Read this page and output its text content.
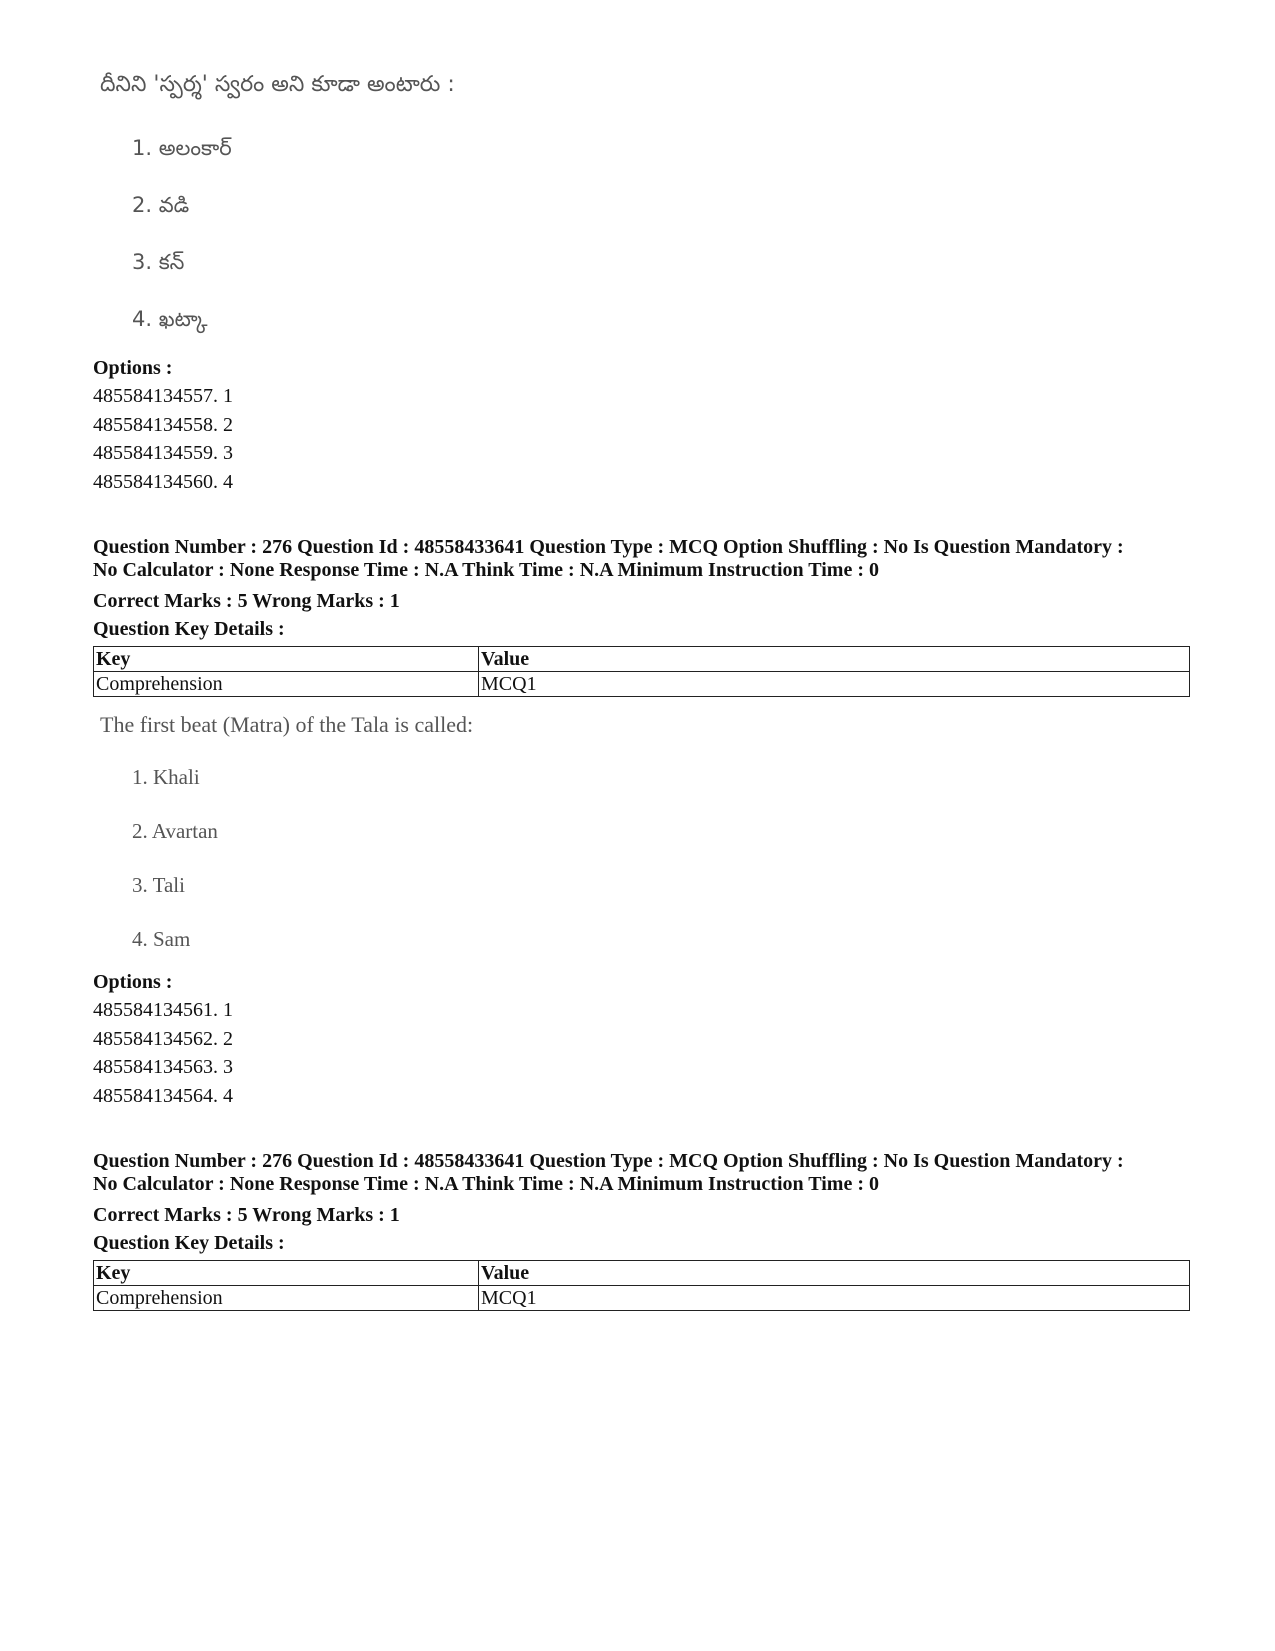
దీనిని 'స్పర్శ' స్వరం అని కూడా అంటారు :

1. అలంకార్

2. వడి

3. కన్

4. ఖట్కా

Options :

485584134557. 1

485584134558. 2

485584134559. 3

485584134560. 4

Question Number : 276 Question Id : 48558433641 Question Type : MCQ Option Shuffling : No Is Question Mandatory :

No Calculator : None Response Time : N.A Think Time : N.A Minimum Instruction Time : 0

Correct Marks : 5 Wrong Marks : 1

Question Key Details :

Key	Value
Comprehension	MCQ1

The first beat (Matra) of the Tala is called:

1. Khali

2. Avartan

3. Tali

4. Sam

Options :

485584134561. 1

485584134562. 2

485584134563. 3

485584134564. 4

Question Number : 276 Question Id : 48558433641 Question Type : MCQ Option Shuffling : No Is Question Mandatory :

No Calculator : None Response Time : N.A Think Time : N.A Minimum Instruction Time : 0

Correct Marks : 5 Wrong Marks : 1

Question Key Details :

Key	Value
Comprehension	MCQ1
